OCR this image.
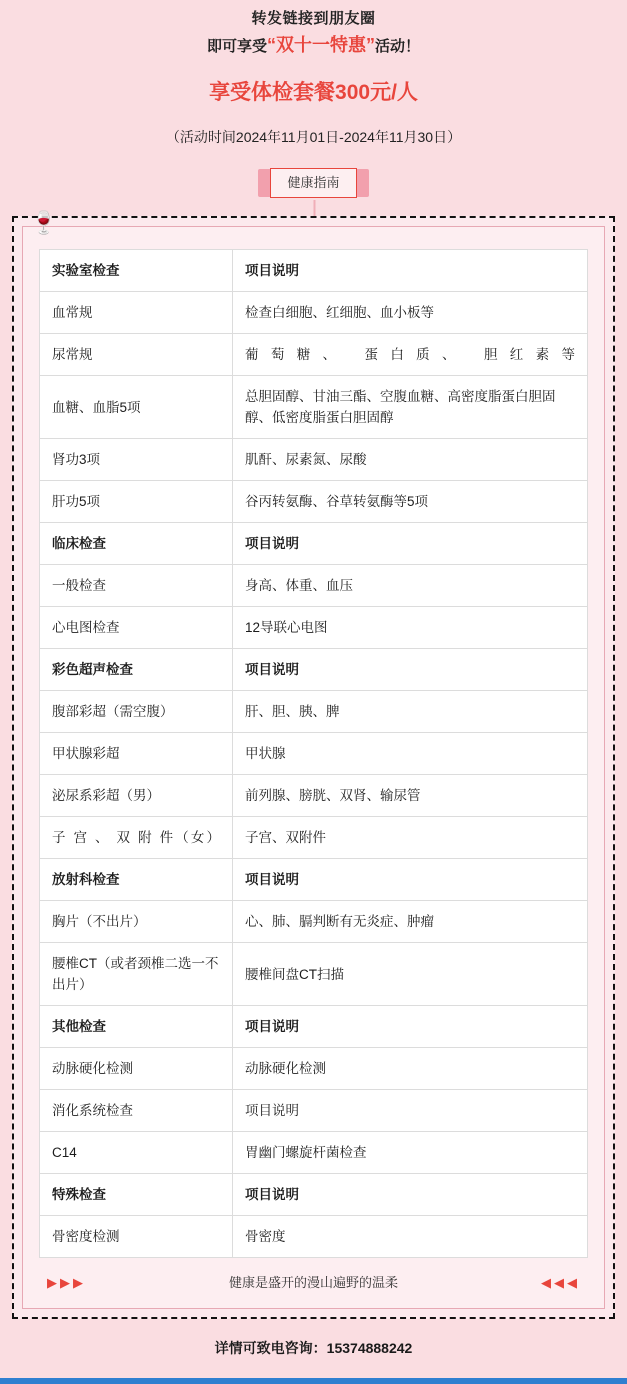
转发链接到朋友圈
即可享受“双十一特惠”活动！
享受体检套餐300元/人
（活动时间2024年11月01日-2024年11月30日）
健康指南
🍷
实验室检查	项目说明
血常规	检查白细胞、红细胞、血小板等
尿常规	葡萄糖、 蛋白质、 胆红素等
血糖、血脂5项	总胆固醇、甘油三酯、空腹血糖、高密度脂蛋白胆固醇、低密度脂蛋白胆固醇
肾功3项	肌酐、尿素氮、尿酸
肝功5项	谷丙转氨酶、谷草转氨酶等5项
临床检查	项目说明
一般检查	身高、体重、血压
心电图检查	12导联心电图
彩色超声检查	项目说明
腹部彩超（需空腹）	肝、胆、胰、脾
甲状腺彩超	甲状腺
泌尿系彩超（男）	前列腺、膀胱、双肾、输尿管
子 宫 、 双 附 件（女）	子宫、双附件
放射科检查	项目说明
胸片（不出片）	心、肺、膈判断有无炎症、肿瘤
腰椎CT（或者颈椎二选一不出片）	腰椎间盘CT扫描
其他检查	项目说明
动脉硬化检测	动脉硬化检测
消化系统检查	项目说明
C14	胃幽门螺旋杆菌检查
特殊检查	项目说明
骨密度检测	骨密度
▶▶▶	健康是盛开的漫山遍野的温柔	◀◀◀
详情可致电咨询：15374888242
